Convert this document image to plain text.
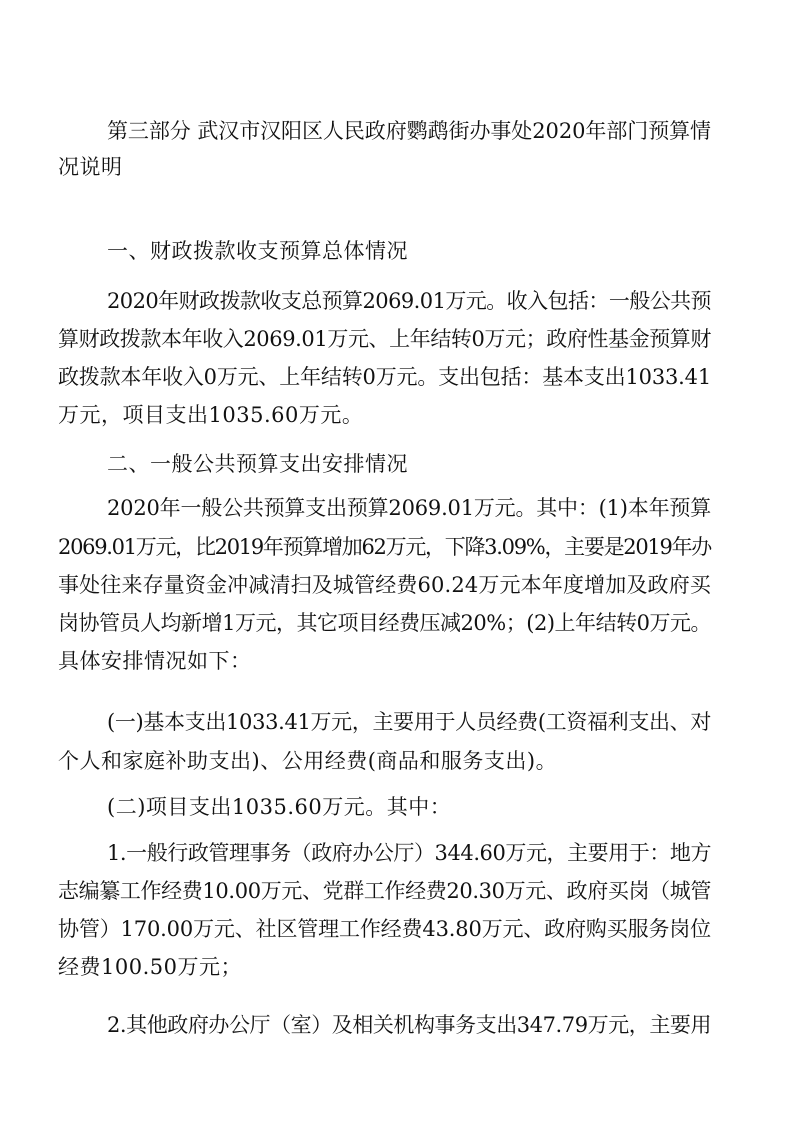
第三部分 武汉市汉阳区人民政府鹦鹉街办事处2020年部门预算情
况说明
一、财政拨款收支预算总体情况
2020年财政拨款收支总预算2069.01万元。收入包括：一般公共预
算财政拨款本年收入2069.01万元、上年结转0万元；政府性基金预算财
政拨款本年收入0万元、上年结转0万元。支出包括：基本支出1033.41
万元，项目支出1035.60万元。
二、一般公共预算支出安排情况
2020年一般公共预算支出预算2069.01万元。其中：(1)本年预算
2069.01万元，比2019年预算增加62万元，下降3.09%，主要是2019年办
事处往来存量资金冲减清扫及城管经费60.24万元本年度增加及政府买
岗协管员人均新增1万元，其它项目经费压减20%；(2)上年结转0万元。
具体安排情况如下：
(一)基本支出1033.41万元，主要用于人员经费(工资福利支出、对
个人和家庭补助支出)、公用经费(商品和服务支出)。
(二)项目支出1035.60万元。其中：
1.一般行政管理事务（政府办公厅）344.60万元，主要用于：地方
志编纂工作经费10.00万元、党群工作经费20.30万元、政府买岗（城管
协管）170.00万元、社区管理工作经费43.80万元、政府购买服务岗位
经费100.50万元；
2.其他政府办公厅（室）及相关机构事务支出347.79万元，主要用
